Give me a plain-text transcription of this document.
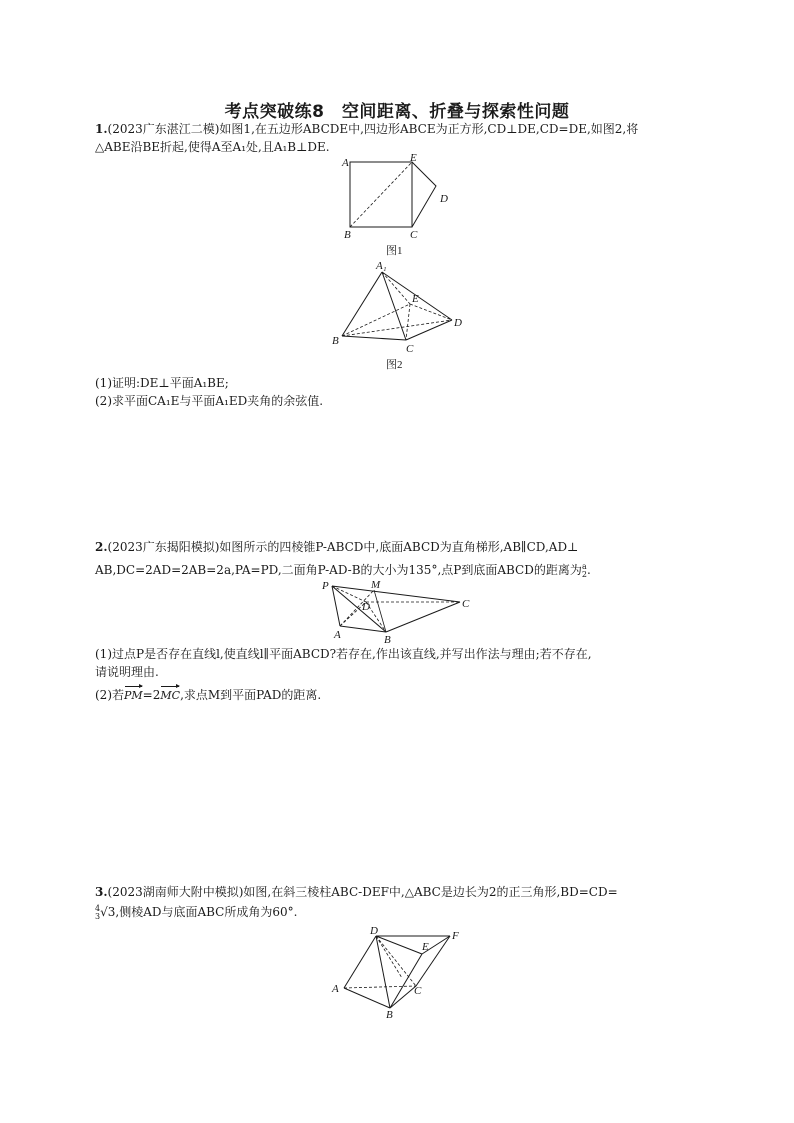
考点突破练8　空间距离、折叠与探索性问题
1.(2023广东湛江二模)如图1,在五边形ABCDE中,四边形ABCE为正方形,CD⊥DE,CD=DE,如图2,将
△ABE沿BE折起,使得A至A₁处,且A₁B⊥DE.
A	E
D
B	C
图1
A₁
E
D
B
C
图2
(1)证明:DE⊥平面A₁BE;
(2)求平面CA₁E与平面A₁ED夹角的余弦值.
2.(2023广东揭阳模拟)如图所示的四棱锥P-ABCD中,底面ABCD为直角梯形,AB∥CD,AD⊥
AB,DC=2AD=2AB=2a,PA=PD,二面角P-AD-B的大小为135°,点P到底面ABCD的距离为 a
2 .
P	M
D	C
A	B
(1)过点P是否存在直线l,使直线l∥平面ABCD?若存在,作出该直线,并写出作法与理由;若不存在,
请说明理由.
(2)若PM=2MC,求点M到平面PAD的距离.
3.(2023湖南师大附中模拟)如图,在斜三棱柱ABC-DEF中,△ABC是边长为2的正三角形,BD=CD=
4
3 √3,侧棱AD与底面ABC所成角为60°.
D
E
F
A	C
B
